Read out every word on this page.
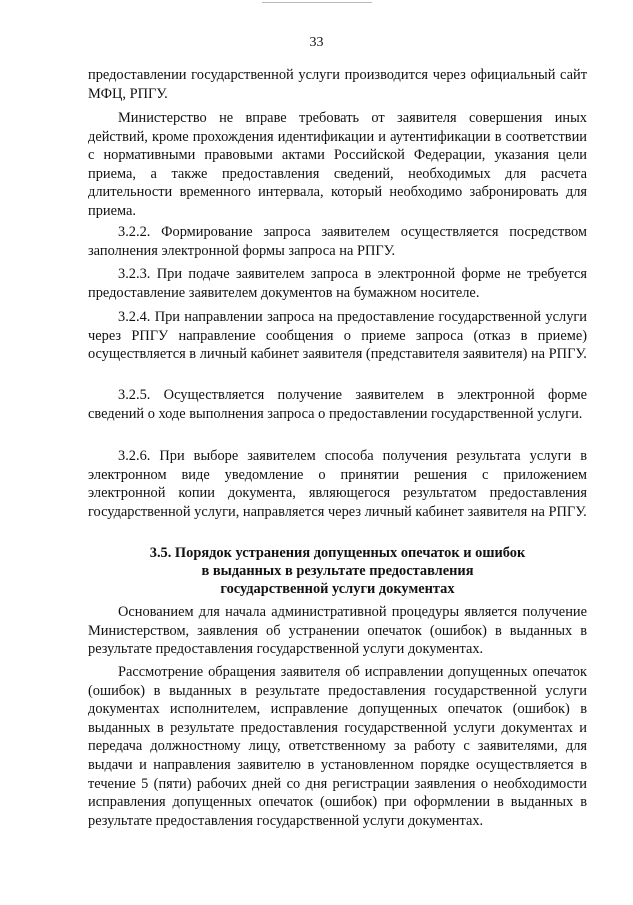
33

предоставлении государственной услуги производится через официальный сайт МФЦ, РПГУ.

Министерство не вправе требовать от заявителя совершения иных действий, кроме прохождения идентификации и аутентификации в соответствии с нормативными правовыми актами Российской Федерации, указания цели приема, а также предоставления сведений, необходимых для расчета длительности временного интервала, который необходимо забронировать для приема.

3.2.2. Формирование запроса заявителем осуществляется посредством заполнения электронной формы запроса на РПГУ.

3.2.3. При подаче заявителем запроса в электронной форме не требуется предоставление заявителем документов на бумажном носителе.

3.2.4. При направлении запроса на предоставление государственной услуги через РПГУ направление сообщения о приеме запроса (отказ в приеме) осуществляется в личный кабинет заявителя (представителя заявителя) на РПГУ.

3.2.5. Осуществляется получение заявителем в электронной форме сведений о ходе выполнения запроса о предоставлении государственной услуги.

3.2.6. При выборе заявителем способа получения результата услуги в электронном виде уведомление о принятии решения с приложением электронной копии документа, являющегося результатом предоставления государственной услуги, направляется через личный кабинет заявителя на РПГУ.

3.5. Порядок устранения допущенных опечаток и ошибок
в выданных в результате предоставления
государственной услуги документах

Основанием для начала административной процедуры является получение Министерством, заявления об устранении опечаток (ошибок) в выданных в результате предоставления государственной услуги документах.

Рассмотрение обращения заявителя об исправлении допущенных опечаток (ошибок) в выданных в результате предоставления государственной услуги документах исполнителем, исправление допущенных опечаток (ошибок) в выданных в результате предоставления государственной услуги документах и передача должностному лицу, ответственному за работу с заявителями, для выдачи и направления заявителю в установленном порядке осуществляется в течение 5 (пяти) рабочих дней со дня регистрации заявления о необходимости исправления допущенных опечаток (ошибок) при оформлении в выданных в результате предоставления государственной услуги документах.
